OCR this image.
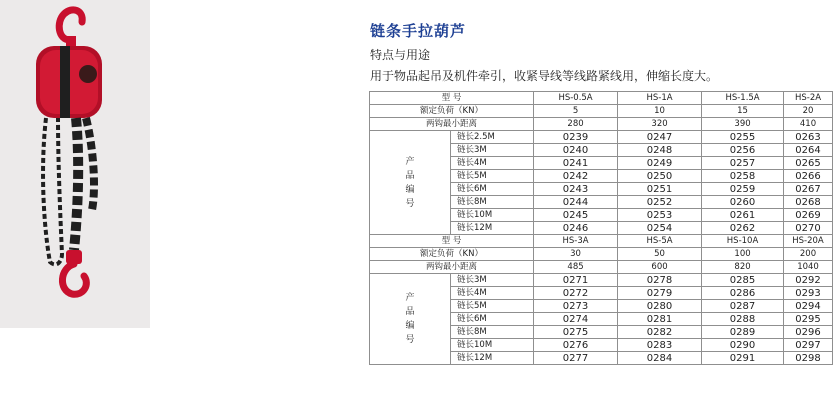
链条手拉葫芦
特点与用途
用于物品起吊及机件牵引，收紧导线等线路紧线用，伸缩长度大。
型 号		HS-0.5A	HS-1A	HS-1.5A	HS-2A
额定负荷（KN）		5	10	15	20
两钩最小距离		280	320	390	410
产
品
编
号	链长2.5M	0239	0247	0255	0263
	链长3M	0240	0248	0256	0264
	链长4M	0241	0249	0257	0265
	链长5M	0242	0250	0258	0266
	链长6M	0243	0251	0259	0267
	链长8M	0244	0252	0260	0268
	链长10M	0245	0253	0261	0269
	链长12M	0246	0254	0262	0270
型 号		HS-3A	HS-5A	HS-10A	HS-20A
额定负荷（KN）		30	50	100	200
两钩最小距离		485	600	820	1040
产
品
编
号	链长3M	0271	0278	0285	0292
	链长4M	0272	0279	0286	0293
	链长5M	0273	0280	0287	0294
	链长6M	0274	0281	0288	0295
	链长8M	0275	0282	0289	0296
	链长10M	0276	0283	0290	0297
	链长12M	0277	0284	0291	0298
